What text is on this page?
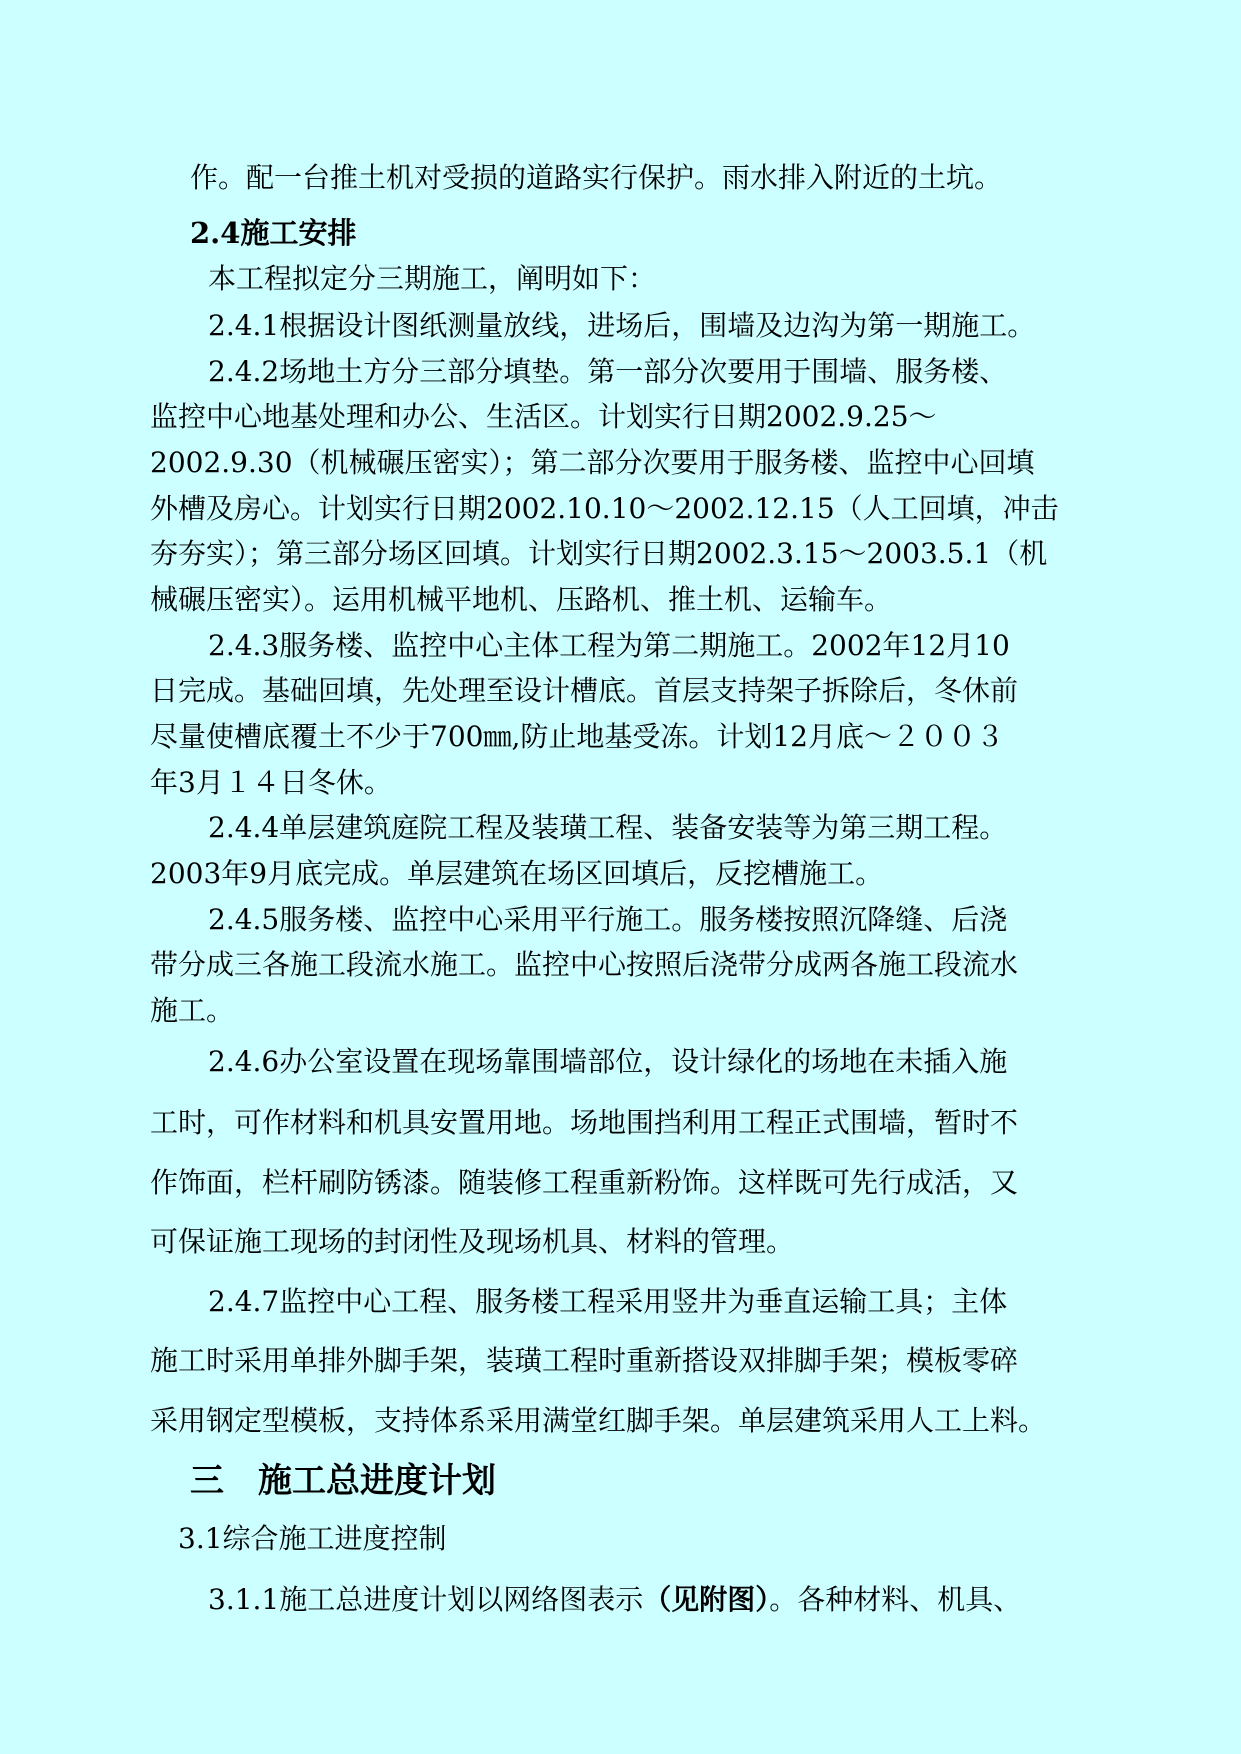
作。配一台推土机对受损的道路实行保护。雨水排入附近的土坑。
2.4施工安排
本工程拟定分三期施工，阐明如下：
2.4.1根据设计图纸测量放线，进场后，围墙及边沟为第一期施工。
2.4.2场地土方分三部分填垫。第一部分次要用于围墙、服务楼、
监控中心地基处理和办公、生活区。计划实行日期2002.9.25～
2002.9.30（机械碾压密实）；第二部分次要用于服务楼、监控中心回填
外槽及房心。计划实行日期2002.10.10～2002.12.15（人工回填，冲击
夯夯实）；第三部分场区回填。计划实行日期2002.3.15～2003.5.1（机
械碾压密实）。运用机械平地机、压路机、推土机、运输车。
2.4.3服务楼、监控中心主体工程为第二期施工。2002年12月10
日完成。基础回填，先处理至设计槽底。首层支持架子拆除后，冬休前
尽量使槽底覆土不少于700㎜,防止地基受冻。计划12月底～２００３
年3月１４日冬休。
2.4.4单层建筑庭院工程及装璜工程、装备安装等为第三期工程。
2003年9月底完成。单层建筑在场区回填后，反挖槽施工。
2.4.5服务楼、监控中心采用平行施工。服务楼按照沉降缝、后浇
带分成三各施工段流水施工。监控中心按照后浇带分成两各施工段流水
施工。
2.4.6办公室设置在现场靠围墙部位，设计绿化的场地在未插入施
工时，可作材料和机具安置用地。场地围挡利用工程正式围墙，暂时不
作饰面，栏杆刷防锈漆。随装修工程重新粉饰。这样既可先行成活，又
可保证施工现场的封闭性及现场机具、材料的管理。
2.4.7监控中心工程、服务楼工程采用竖井为垂直运输工具；主体
施工时采用单排外脚手架，装璜工程时重新搭设双排脚手架；模板零碎
采用钢定型模板，支持体系采用满堂红脚手架。单层建筑采用人工上料。
三　施工总进度计划
3.1综合施工进度控制
3.1.1施工总进度计划以网络图表示（见附图）。各种材料、机具、
